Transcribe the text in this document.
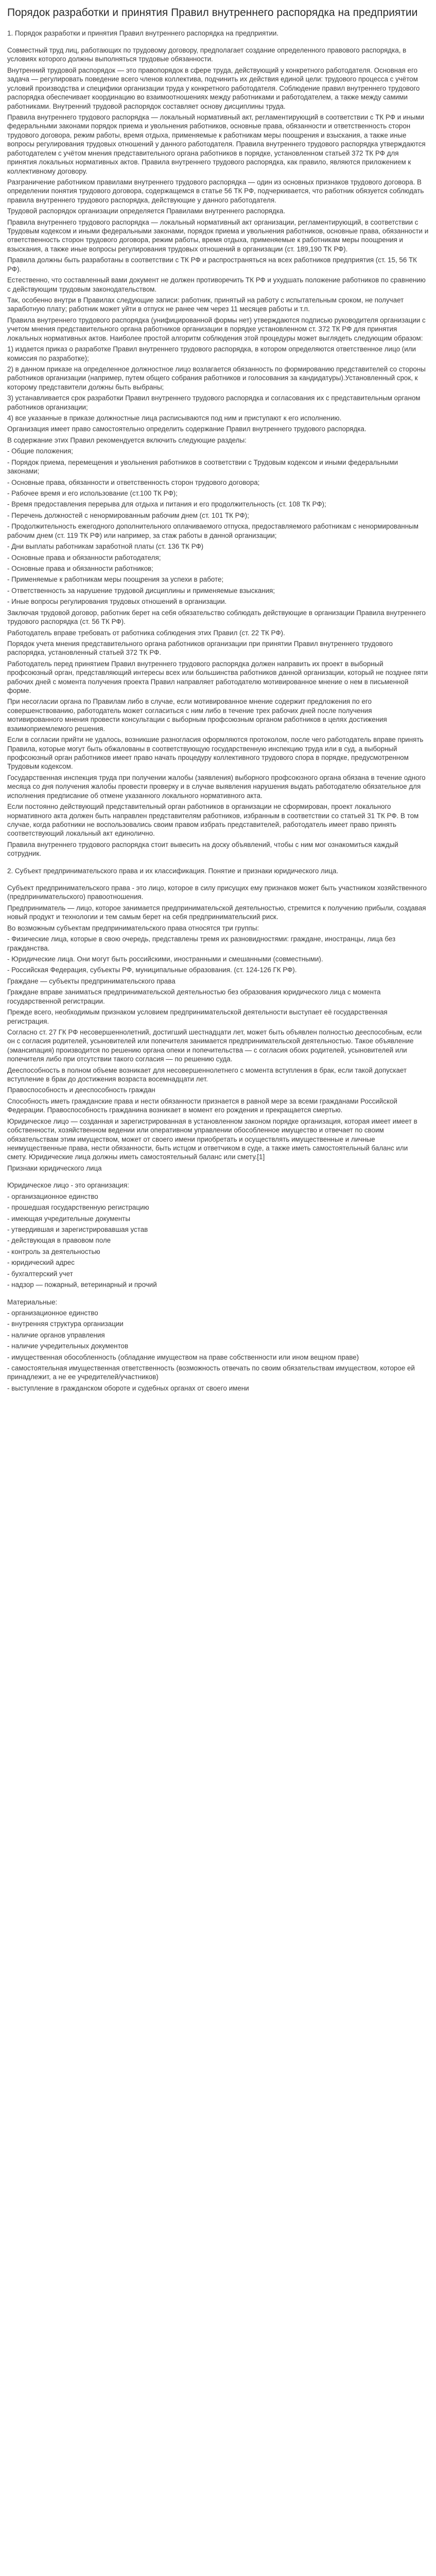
Порядок разработки и принятия Правил внутреннего распорядка на предприятии

1. Порядок разработки и принятия Правил внутреннего распорядка на предприятии.

Совместный труд лиц, работающих по трудовому договору, предполагает создание определенного правового распорядка, в условиях которого должны выполняться трудовые обязанности.

Внутренний трудовой распорядок — это правопорядок в сфере труда, действующий у конкретного работодателя. Основная его задача — регулировать поведение всего членов коллектива, подчинить их действия единой цели: трудового процесса с учётом условий производства и специфики организации труда у конкретного работодателя. Соблюдение правил внутреннего трудового распорядка обеспечивает координацию во взаимоотношениях между работниками и работодателем, а также между самими работниками. Внутренний трудовой распорядок составляет основу дисциплины труда.

Правила внутреннего трудового распорядка — локальный нормативный акт, регламентирующий в соответствии с ТК РФ и иными федеральными законами порядок приема и увольнения работников, основные права, обязанности и ответственность сторон трудового договора, режим работы, время отдыха, применяемые к работникам меры поощрения и взыскания, а также иные вопросы регулирования трудовых отношений у данного работодателя. Правила внутреннего трудового распорядка утверждаются работодателем с учётом мнения представительного органа работников в порядке, установленном статьей 372 ТК РФ для принятия локальных нормативных актов. Правила внутреннего трудового распорядка, как правило, являются приложением к коллективному договору.

Разграничение работником правилами внутреннего трудового распорядка — один из основных признаков трудового договора. В определении понятия трудового договора, содержащемся в статье 56 ТК РФ, подчеркивается, что работник обязуется соблюдать правила внутреннего трудового распорядка, действующие у данного работодателя.

Трудовой распорядок организации определяется Правилами внутреннего распорядка.

Правила внутреннего трудового распорядка — локальный нормативный акт организации, регламентирующий, в соответствии с Трудовым кодексом и иными федеральными законами, порядок приема и увольнения работников, основные права, обязанности и ответственность сторон трудового договора, режим работы, время отдыха, применяемые к работникам меры поощрения и взыскания, а также иные вопросы регулирования трудовых отношений в организации (ст. 189,190 ТК РФ).

Правила должны быть разработаны в соответствии с ТК РФ и распространяться на всех работников предприятия (ст. 15, 56 ТК РФ).

Естественно, что составленный вами документ не должен противоречить ТК РФ и ухудшать положение работников по сравнению с действующим трудовым законодательством.

Так, особенно внутри в Правилах следующие записи: работник, принятый на работу с испытательным сроком, не получает заработную плату; работник может уйти в отпуск не ранее чем через 11 месяцев работы и т.п.

Правила внутреннего трудового распорядка (унифицированной формы нет) утверждаются подписью руководителя организации с учетом мнения представительного органа работников организации в порядке установленном ст. 372 ТК РФ для принятия локальных нормативных актов. Наиболее простой алгоритм соблюдения этой процедуры может выглядеть следующим образом:

1) издается приказ о разработке Правил внутреннего трудового распорядка, в котором определяются ответственное лицо (или комиссия по разработке);

2) в данном приказе на определенное должностное лицо возлагается обязанность по формированию представителей со стороны работников организации (например, путем общего собрания работников и голосования за кандидатуры).Установленный срок, к которому представители должны быть выбраны;

3) устанавливается срок разработки Правил внутреннего трудового распорядка и согласования их с представительным органом работников организации;

4) все указанные в приказе должностные лица расписываются под ним и приступают к его исполнению.

Организация имеет право самостоятельно определить содержание Правил внутреннего трудового распорядка.

В содержание этих Правил рекомендуется включить следующие разделы:

- Общие положения;

- Порядок приема, перемещения и увольнения работников в соответствии с Трудовым кодексом и иными федеральными законами;

- Основные права, обязанности и ответственность сторон трудового договора;

- Рабочее время и его использование (ст.100 ТК РФ);

- Время предоставления перерыва для отдыха и питания и его продолжительность (ст. 108 ТК РФ);

- Перечень должностей с ненормированным рабочим днем (ст. 101 ТК РФ);

- Продолжительность ежегодного дополнительного оплачиваемого отпуска, предоставляемого работникам с ненормированным рабочим днем (ст. 119 ТК РФ) или например, за стаж работы в данной организации;

- Дни выплаты работникам заработной платы (ст. 136 ТК РФ)

- Основные права и обязанности работодателя;

- Основные права и обязанности работников;

- Применяемые к работникам меры поощрения за успехи в работе;

- Ответственность за нарушение трудовой дисциплины и применяемые взыскания;

- Иные вопросы регулирования трудовых отношений в организации.

Заключая трудовой договор, работник берет на себя обязательство соблюдать действующие в организации Правила внутреннего трудового распорядка (ст. 56 ТК РФ).

Работодатель вправе требовать от работника соблюдения этих Правил (ст. 22 ТК РФ).

Порядок учета мнения представительного органа работников организации при принятии Правил внутреннего трудового распорядка, установленный статьей 372 ТК РФ.

Работодатель перед принятием Правил внутреннего трудового распорядка должен направить их проект в выборный профсоюзный орган, представляющий интересы всех или большинства работников данной организации, который не позднее пяти рабочих дней с момента получения проекта Правил направляет работодателю мотивированное мнение о нем в письменной форме.

При несогласии органа по Правилам либо в случае, если мотивированное мнение содержит предложения по его совершенствованию, работодатель может согласиться с ним либо в течение трех рабочих дней после получения мотивированного мнения провести консультации с выборным профсоюзным органом работников в целях достижения взаимоприемлемого решения.

Если в согласии прийти не удалось, возникшие разногласия оформляются протоколом, после чего работодатель вправе принять Правила, которые могут быть обжалованы в соответствующую государственную инспекцию труда или в суд, а выборный профсоюзный орган работников имеет право начать процедуру коллективного трудового спора в порядке, предусмотренном Трудовым кодексом.

Государственная инспекция труда при получении жалобы (заявления) выборного профсоюзного органа обязана в течение одного месяца со дня получения жалобы провести проверку и в случае выявления нарушения выдать работодателю обязательное для исполнения предписание об отмене указанного локального нормативного акта.

Если постоянно действующий представительный орган работников в организации не сформирован, проект локального нормативного акта должен быть направлен представителям работников, избранным в соответствии со статьей 31 ТК РФ. В том случае, когда работники не воспользовались своим правом избрать представителей, работодатель имеет право принять соответствующий локальный акт единолично.

Правила внутреннего трудового распорядка стоит вывесить на доску объявлений, чтобы с ним мог ознакомиться каждый сотрудник.

2. Субъект предпринимательского права и их классификация. Понятие и признаки юридического лица.

Субъект предпринимательского права - это лицо, которое в силу присущих ему признаков может быть участником хозяйственного (предпринимательского) правоотношения.

Предприниматель — лицо, которое занимается предпринимательской деятельностью, стремится к получению прибыли, создавая новый продукт и технологии и тем самым берет на себя предпринимательский риск.

Во возможным субъектам предпринимательского права относятся три группы:

- Физические лица, которые в свою очередь, представлены тремя их разновидностями: граждане, иностранцы, лица без гражданства.

- Юридические лица. Они могут быть российскими, иностранными и смешанными (совместными).

- Российская Федерация, субъекты РФ, муниципальные образования. (ст. 124-126 ГК РФ).

Граждане — субъекты предпринимательского права

Граждане вправе заниматься предпринимательской деятельностью без образования юридического лица с момента государственной регистрации.

Прежде всего, необходимым признаком условием предпринимательской деятельности выступает её государственная регистрация.

Согласно ст. 27 ГК РФ несовершеннолетний, достигший шестнадцати лет, может быть объявлен полностью дееспособным, если он с согласия родителей, усыновителей или попечителя занимается предпринимательской деятельностью. Такое объявление (эмансипация) производится по решению органа опеки и попечительства — с согласия обоих родителей, усыновителей или попечителя либо при отсутствии такого согласия — по решению суда.

Дееспособность в полном объеме возникает для несовершеннолетнего с момента вступления в брак, если такой допускает вступление в брак до достижения возраста восемнадцати лет.

Правоспособность и дееспособность граждан

Способность иметь гражданские права и нести обязанности признается в равной мере за всеми гражданами Российской Федерации. Правоспособность гражданина возникает в момент его рождения и прекращается смертью.

Юридическое лицо — созданная и зарегистрированная в установленном законом порядке организация, которая имеет имеет в собственности, хозяйственном ведении или оперативном управлении обособленное имущество и отвечает по своим обязательствам этим имуществом, может от своего имени приобретать и осуществлять имущественные и личные неимущественные права, нести обязанности, быть истцом и ответчиком в суде, а также иметь самостоятельный баланс или смету. Юридические лица должны иметь самостоятельный баланс или смету.[1]

Признаки юридического лица

Юридическое лицо - это организация:

- организационное единство

- прошедшая государственную регистрацию

- имеющая учредительные документы

- утвердившая и зарегистрировавшая устав

- действующая в правовом поле

- контроль за деятельностью

- юридический адрес

- бухгалтерский учет

- надзор — пожарный, ветеринарный и прочий

Материальные:

- организационное единство

- внутренняя структура организации

- наличие органов управления

- наличие учредительных документов

- имущественная обособленность (обладание имуществом на праве собственности или ином вещном праве)

- самостоятельная имущественная ответственность (возможность отвечать по своим обязательствам имуществом, которое ей принадлежит, а не ее учредителей/участников)

- выступление в гражданском обороте и судебных органах от своего имени
